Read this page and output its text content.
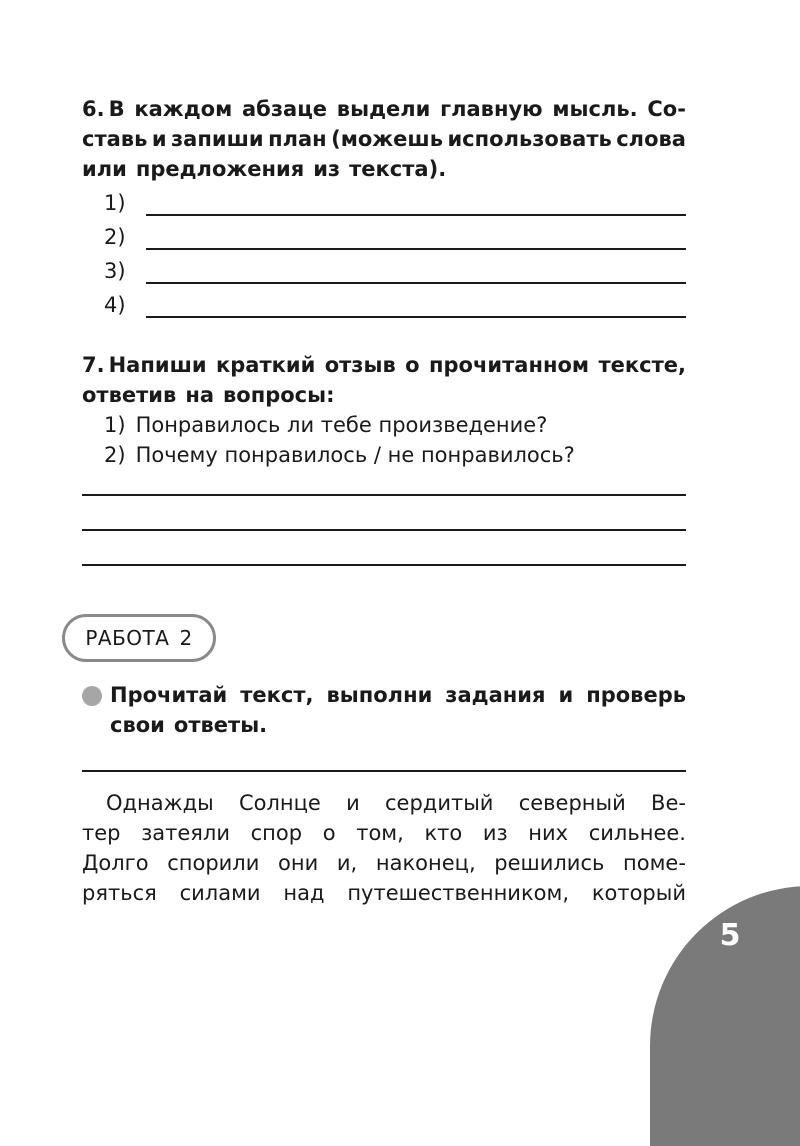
6. В каждом абзаце выдели главную мысль. Со-
ставь и запиши план (можешь использовать слова
или предложения из текста).
1)
2)
3)
4)
7. Напиши краткий отзыв о прочитанном тексте,
ответив на вопросы:
1) Понравилось ли тебе произведение?
2) Почему понравилось / не понравилось?
РАБОТА 2
Прочитай текст, выполни задания и проверь
свои ответы.
Однажды Солнце и сердитый северный Ве-
тер затеяли спор о том, кто из них сильнее.
Долго спорили они и, наконец, решились поме-
ряться силами над путешественником, который
5
